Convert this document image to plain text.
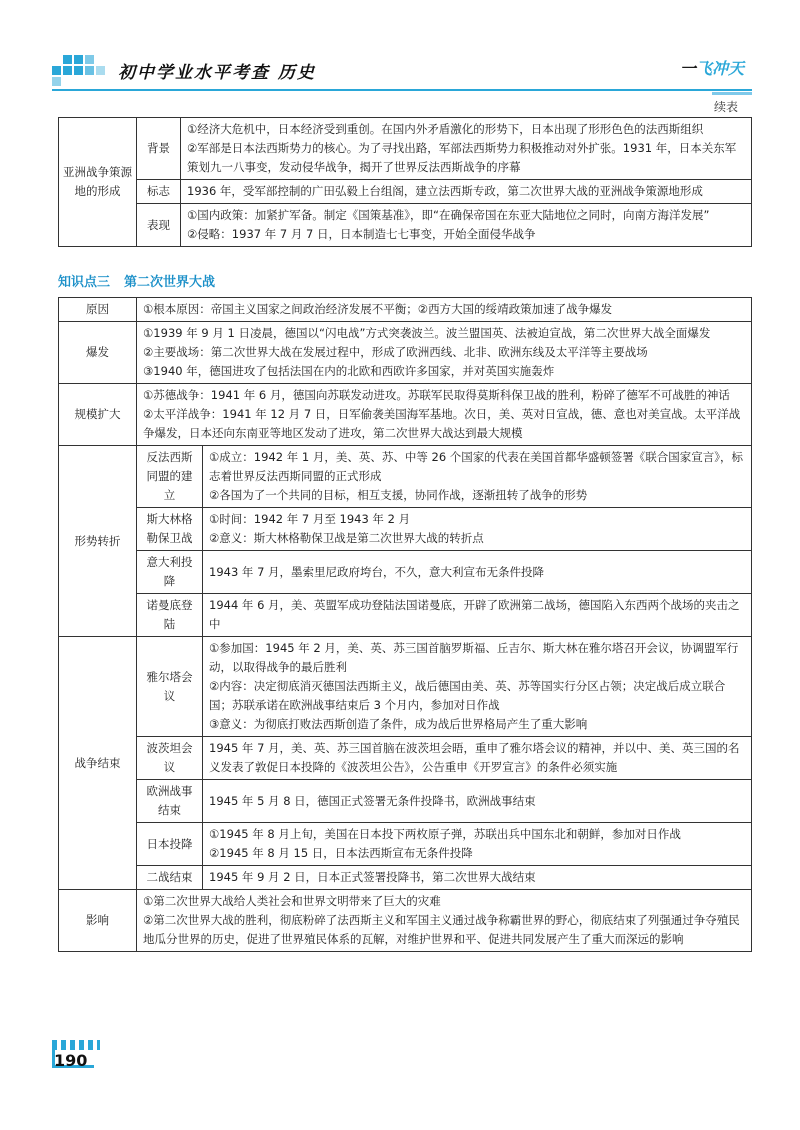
初中学业水平考查 历史	一飞冲天
续表
亚洲战争策源地的形成	背景	①经济大危机中，日本经济受到重创。在国内外矛盾激化的形势下，日本出现了形形色色的法西斯组织
②军部是日本法西斯势力的核心。为了寻找出路，军部法西斯势力积极推动对外扩张。1931 年，日本关东军策划九一八事变，发动侵华战争，揭开了世界反法西斯战争的序幕

	标志	1936 年，受军部控制的广田弘毅上台组阁，建立法西斯专政，第二次世界大战的亚洲战争策源地形成

	表现	①国内政策：加紧扩军备。制定《国策基准》，即“在确保帝国在东亚大陆地位之同时，向南方海洋发展”
②侵略：1937 年 7 月 7 日，日本制造七七事变，开始全面侵华战争
知识点三 第二次世界大战
原因	①根本原因：帝国主义国家之间政治经济发展不平衡；②西方大国的绥靖政策加速了战争爆发	
爆发	①1939 年 9 月 1 日凌晨，德国以“闪电战”方式突袭波兰。波兰盟国英、法被迫宣战，第二次世界大战全面爆发
②主要战场：第二次世界大战在发展过程中，形成了欧洲西线、北非、欧洲东线及太平洋等主要战场
③1940 年，德国进攻了包括法国在内的北欧和西欧许多国家，并对英国实施轰炸	

规模扩大	①苏德战争：1941 年 6 月，德国向苏联发动进攻。苏联军民取得莫斯科保卫战的胜利，粉碎了德军不可战胜的神话
②太平洋战争：1941 年 12 月 7 日，日军偷袭美国海军基地。次日，美、英对日宣战，德、意也对美宣战。太平洋战争爆发，日本还向东南亚等地区发动了进攻，第二次世界大战达到最大规模	

形势转折	反法西斯同盟的建立	①成立：1942 年 1 月，美、英、苏、中等 26 个国家的代表在美国首都华盛顿签署《联合国家宣言》，标志着世界反法西斯同盟的正式形成
②各国为了一个共同的目标，相互支援，协同作战，逐渐扭转了战争的形势

	斯大林格勒保卫战	①时间：1942 年 7 月至 1943 年 2 月
②意义：斯大林格勒保卫战是第二次世界大战的转折点

	意大利投降	1943 年 7 月，墨索里尼政府垮台，不久，意大利宣布无条件投降

	诺曼底登陆	1944 年 6 月，美、英盟军成功登陆法国诺曼底，开辟了欧洲第二战场，德国陷入东西两个战场的夹击之中

战争结束	雅尔塔会议	①参加国：1945 年 2 月，美、英、苏三国首脑罗斯福、丘吉尔、斯大林在雅尔塔召开会议，协调盟军行动，以取得战争的最后胜利
②内容：决定彻底消灭德国法西斯主义，战后德国由美、英、苏等国实行分区占领；决定战后成立联合国；苏联承诺在欧洲战事结束后 3 个月内，参加对日作战
③意义：为彻底打败法西斯创造了条件，成为战后世界格局产生了重大影响

	波茨坦会议	1945 年 7 月，美、英、苏三国首脑在波茨坦会晤，重申了雅尔塔会议的精神，并以中、美、英三国的名义发表了敦促日本投降的《波茨坦公告》，公告重申《开罗宣言》的条件必须实施

	欧洲战事结束	1945 年 5 月 8 日，德国正式签署无条件投降书，欧洲战事结束

	日本投降	①1945 年 8 月上旬，美国在日本投下两枚原子弹，苏联出兵中国东北和朝鲜，参加对日作战
②1945 年 8 月 15 日，日本法西斯宣布无条件投降

	二战结束	1945 年 9 月 2 日，日本正式签署投降书，第二次世界大战结束

影响	①第二次世界大战给人类社会和世界文明带来了巨大的灾难
②第二次世界大战的胜利，彻底粉碎了法西斯主义和军国主义通过战争称霸世界的野心，彻底结束了列强通过争夺殖民地瓜分世界的历史，促进了世界殖民体系的瓦解，对维护世界和平、促进共同发展产生了重大而深远的影响	
190
